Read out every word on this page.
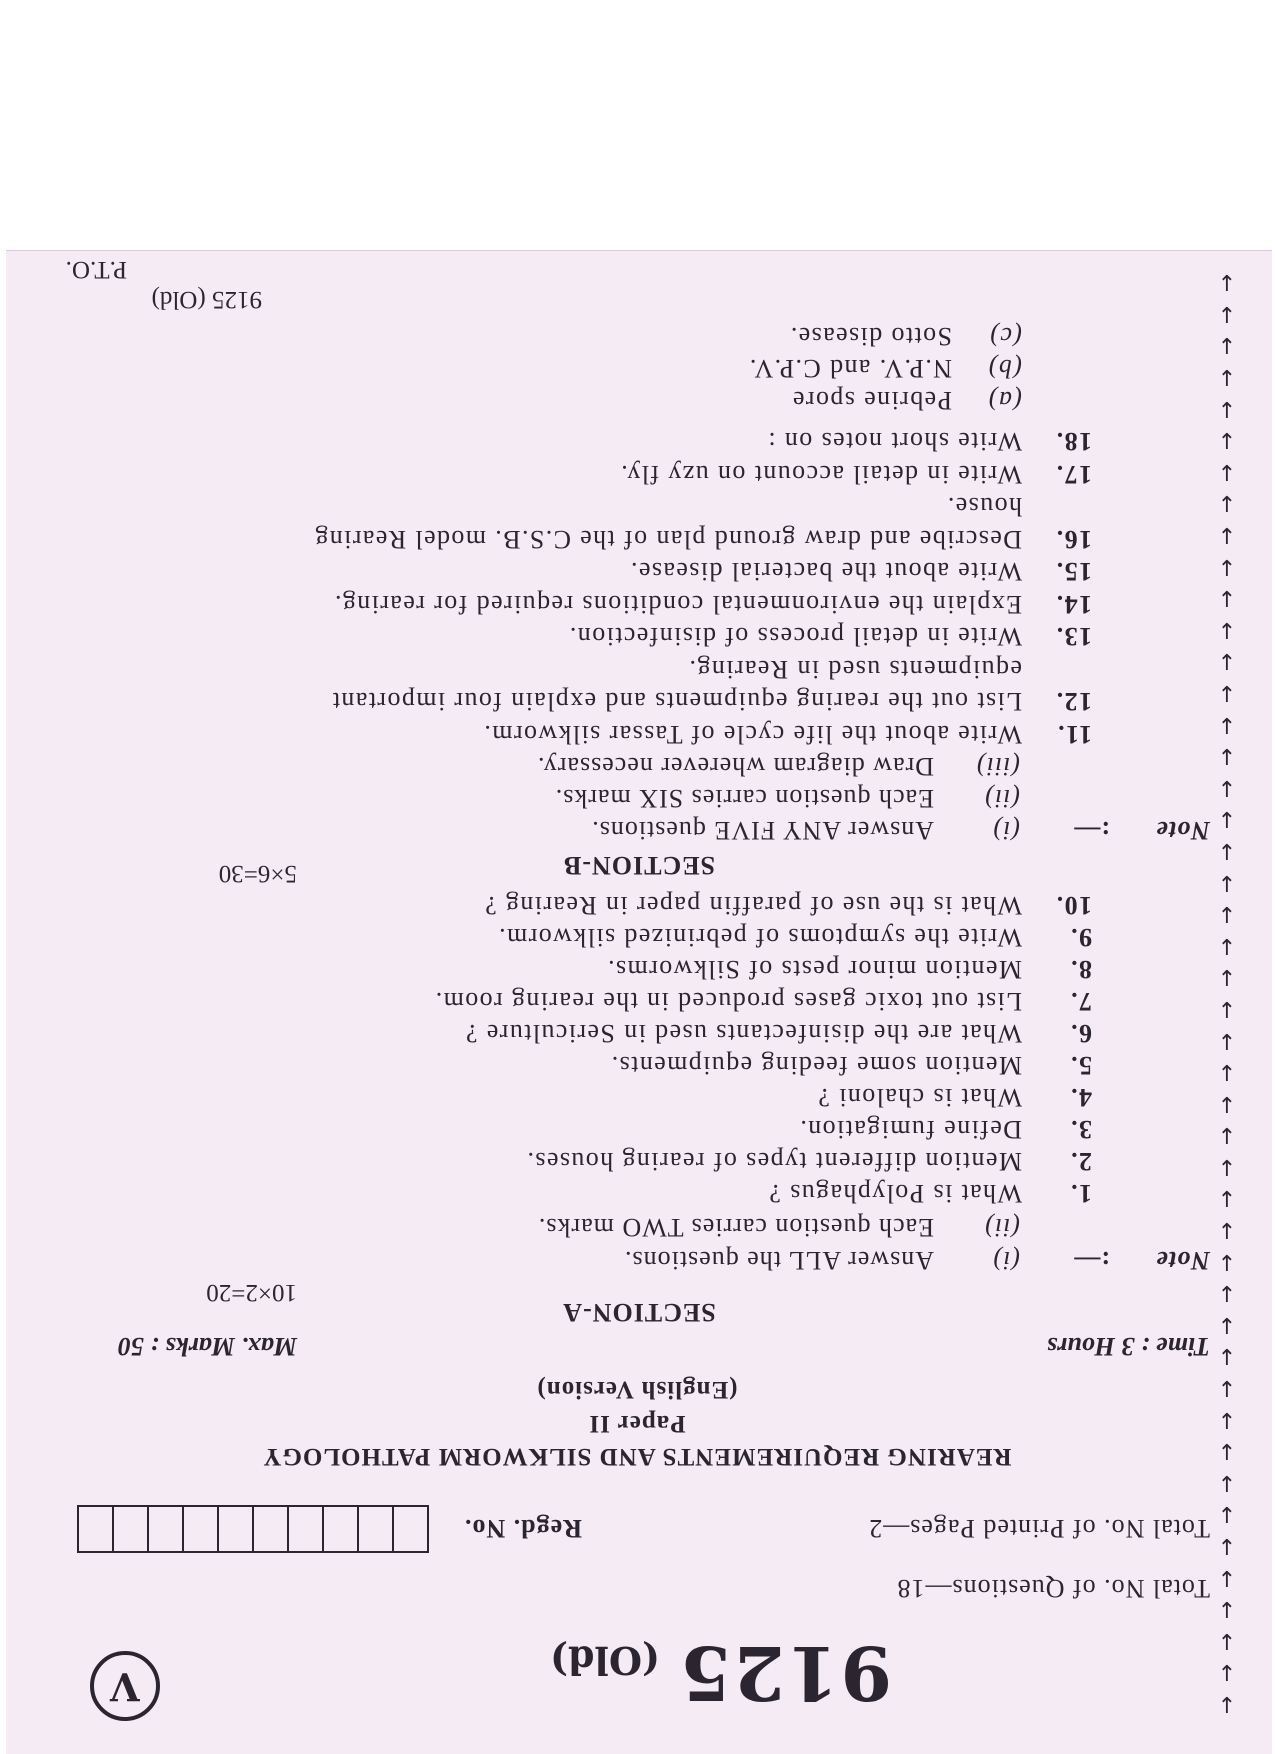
↓
↓
↓
↓
↓
↓
↓
↓
↓
↓
↓
↓
↓
↓
↓
↓
↓
↓
↓
↓
↓
↓
↓
↓
↓
↓
↓
↓
↓
↓
↓
↓
↓
↓
↓
↓
↓
↓
↓
↓
↓
↓
↓
↓
↓
↓
9125(Old)
V
Total No. of Questions—18
Total No. of Printed Pages—2
Regd. No.
REARING REQUIREMENTS AND SILKWORM PATHOLOGY
Paper II
(English Version)
Time : 3 Hours
Max. Marks : 50
SECTION-A
10×2=20
Note:—(i)Answer ALL the questions.
(ii)Each question carries TWO marks.
1.
What is Polyphagus ?
2.
Mention different types of rearing houses.
3.
Define fumigation.
4.
What is chaloni ?
5.
Mention some feeding equipments.
6.
What are the disinfectants used in Sericulture ?
7.
List out toxic gases produced in the rearing room.
8.
Mention minor pests of Silkworms.
9.
Write the symptoms of pebrinized silkworm.
10.
What is the use of paraffin paper in Rearing ?
SECTION-B
5×6=30
Note:—(i)Answer ANY FIVE questions.
(ii)Each question carries SIX marks.
(iii)Draw diagram wherever necessary.
11.
Write about the life cycle of Tassar silkworm.
12.
List out the rearing equipments and explain four important
equipments used in Rearing.
13.
Write in detail process of disinfection.
14.
Explain the environmental conditions required for rearing.
15.
Write about the bacterial disease.
16.
Describe and draw ground plan of the C.S.B. model Rearing
house.
17.
Write in detail account on uzy fly.
18.
Write short notes on :
(a)Pebrine spore
(b)N.P.V. and C.P.V.
(c)Sotto disease.
9125 (Old)
P.T.O.
